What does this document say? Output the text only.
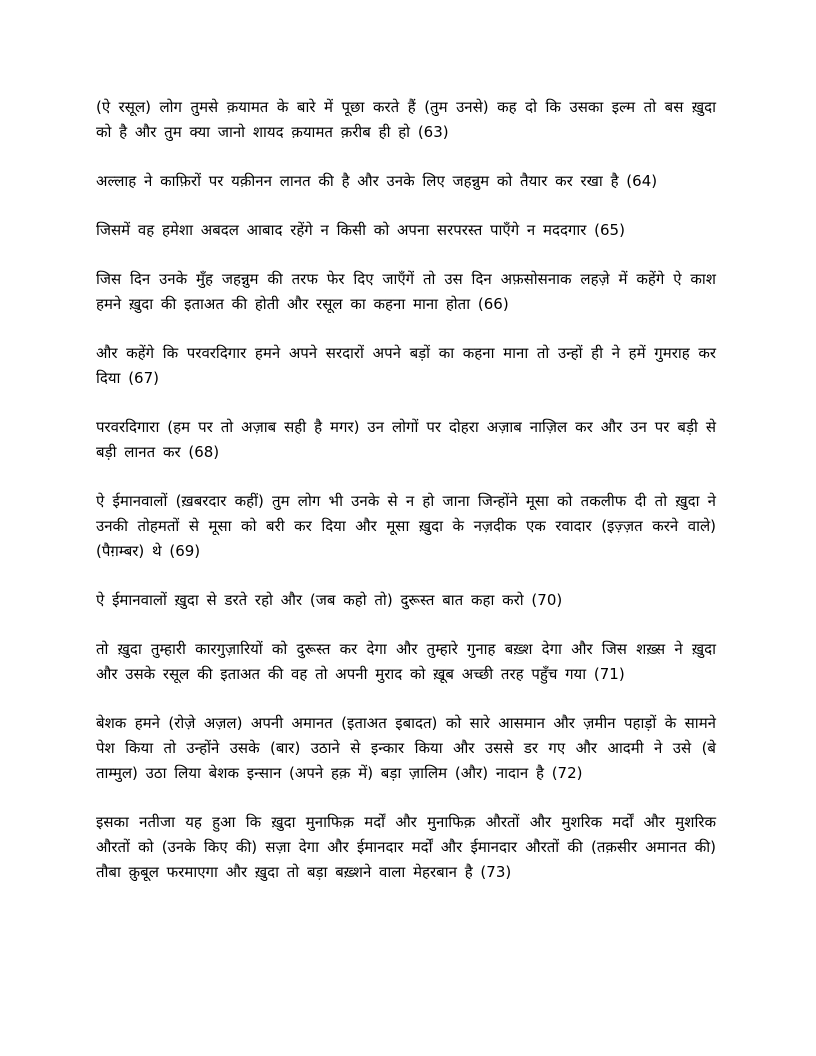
(ऐ रसूल) लोग तुमसे क़यामत के बारे में पूछा करते हैं (तुम उनसे) कह दो कि उसका इल्म तो बस ख़ुदा को है और तुम क्या जानो शायद क़यामत क़रीब ही हो (63)

अल्लाह ने काफ़िरों पर यक़ीनन लानत की है और उनके लिए जहन्नुम को तैयार कर रखा है (64)

जिसमें वह हमेशा अबदल आबाद रहेंगे न किसी को अपना सरपरस्त पाएँगे न मददगार (65)

जिस दिन उनके मुँह जहन्नुम की तरफ फेर दिए जाएँगें तो उस दिन अफ़सोसनाक लहजे़ में कहेंगे ऐ काश हमने ख़ुदा की इताअत की होती और रसूल का कहना माना होता (66)

और कहेंगे कि परवरदिगार हमने अपने सरदारों अपने बड़ों का कहना माना तो उन्हों ही ने हमें गुमराह कर दिया (67)

परवरदिगारा (हम पर तो अज़ाब सही है मगर) उन लोगों पर दोहरा अज़ाब नाज़िल कर और उन पर बड़ी से बड़ी लानत कर (68)

ऐ ईमानवालों (ख़बरदार कहीं) तुम लोग भी उनके से न हो जाना जिन्होंने मूसा को तकलीफ दी तो ख़ुदा ने उनकी तोहमतों से मूसा को बरी कर दिया और मूसा ख़ुदा के नज़दीक एक रवादार (इज़्ज़त करने वाले) (पैग़म्बर) थे (69)

ऐ ईमानवालों ख़ुदा से डरते रहो और (जब कहो तो) दुरूस्त बात कहा करो (70)

तो ख़ुदा तुम्हारी कारगुज़ारियों को दुरूस्त कर देगा और तुम्हारे गुनाह बख़्श देगा और जिस शख़्स ने ख़ुदा और उसके रसूल की इताअत की वह तो अपनी मुराद को ख़ूब अच्छी तरह पहुँच गया (71)

बेशक हमने (रोजे़ अज़ल) अपनी अमानत (इताअत इबादत) को सारे आसमान और ज़मीन पहाड़ों के सामने पेश किया तो उन्होंने उसके (बार) उठाने से इन्कार किया और उससे डर गए और आदमी ने उसे (बे ताम्मुल) उठा लिया बेशक इन्सान (अपने हक़ में) बड़ा ज़ालिम (और) नादान है (72)

इसका नतीजा यह हुआ कि ख़ुदा मुनाफिक़ मर्दों और मुनाफिक़ औरतों और मुशरिक मर्दों और मुशरिक औरतों को (उनके किए की) सज़ा देगा और ईमानदार मर्दों और ईमानदार औरतों की (तक़सीर अमानत की) तौबा क़ुबूल फरमाएगा और ख़ुदा तो बड़ा बख़्शने वाला मेहरबान है (73)
